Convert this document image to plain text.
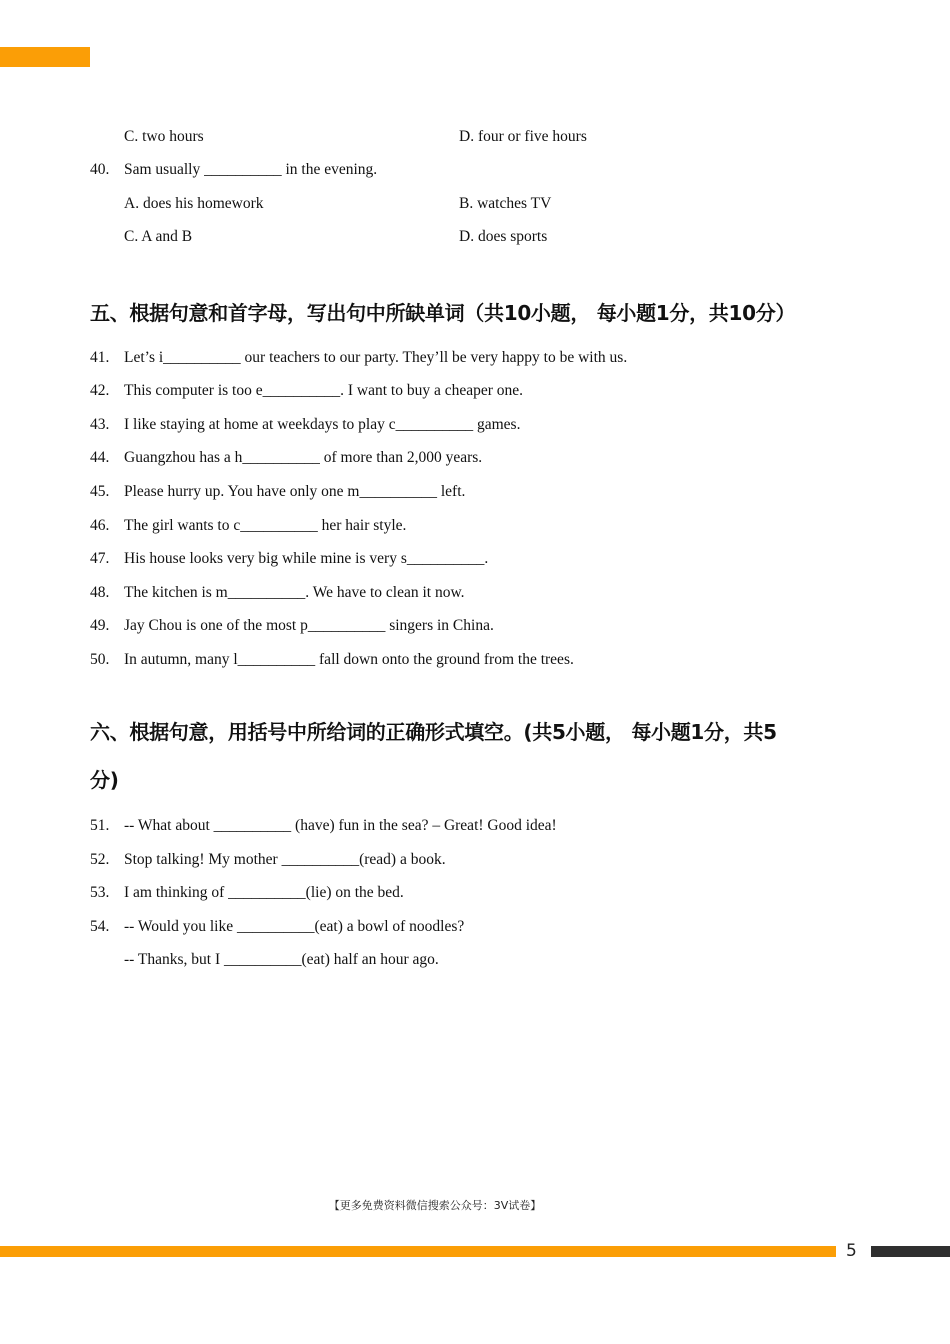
C. two hours	D. four or five hours
40. Sam usually __________ in the evening.
A. does his homework	B. watches TV
C. A and B	D. does sports
五、根据句意和首字母，写出句中所缺单词（共10小题， 每小题1分，共10分）
41. Let’s i__________ our teachers to our party. They’ll be very happy to be with us.
42. This computer is too e__________. I want to buy a cheaper one.
43. I like staying at home at weekdays to play c__________ games.
44. Guangzhou has a h__________ of more than 2,000 years.
45. Please hurry up. You have only one m__________ left.
46. The girl wants to c__________ her hair style.
47. His house looks very big while mine is very s__________.
48. The kitchen is m__________. We have to clean it now.
49. Jay Chou is one of the most p__________ singers in China.
50. In autumn, many l__________ fall down onto the ground from the trees.
六、根据句意，用括号中所给词的正确形式填空。(共5小题， 每小题1分，共5
分)
51. -- What about __________ (have) fun in the sea? – Great! Good idea!
52. Stop talking! My mother __________(read) a book.
53. I am thinking of __________(lie) on the bed.
54. -- Would you like __________(eat) a bowl of noodles?
-- Thanks, but I __________(eat) half an hour ago.
【更多免费资料微信搜索公众号：3V试卷】
5
